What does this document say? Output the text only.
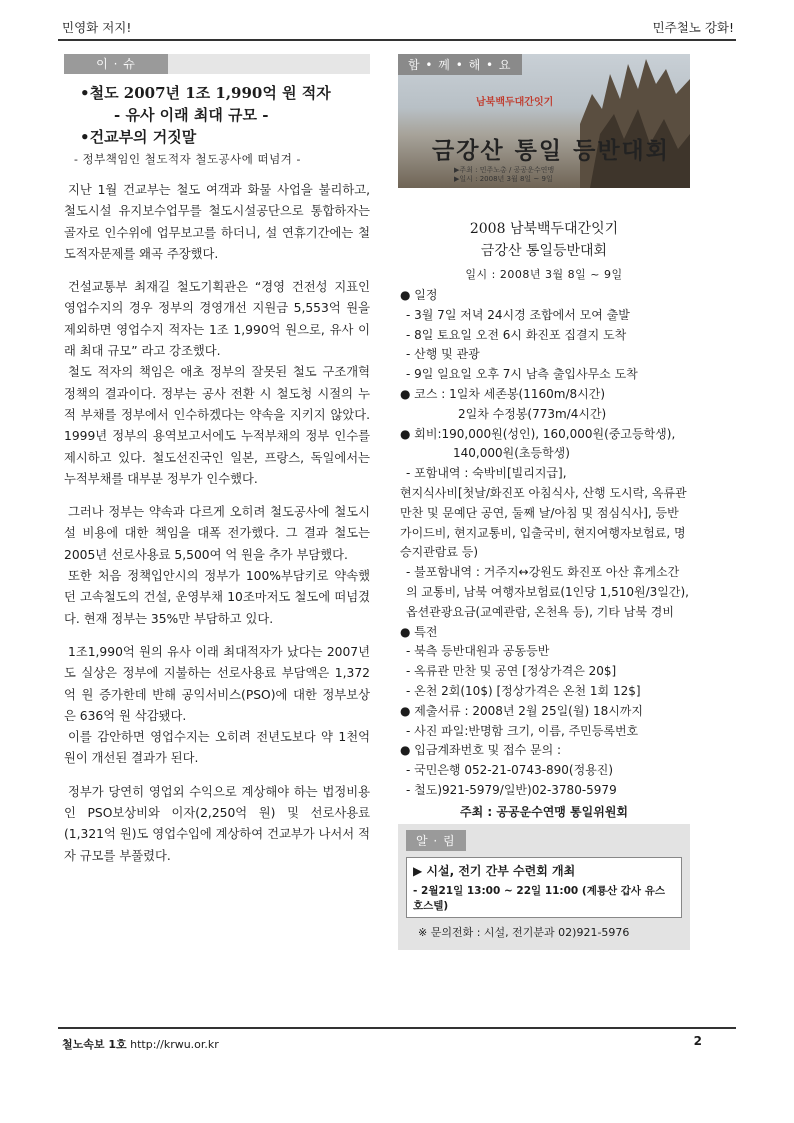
민영화 저지!	민주철노 강화!
이 · 슈
•철도 2007년 1조 1,990억 원 적자
- 유사 이래 최대 규모 -
•건교부의 거짓말
- 정부책임인 철도적자 철도공사에 떠넘겨 -
지난 1월 건교부는 철도 여객과 화물 사업을 불리하고, 철도시설 유지보수업무를 철도시설공단으로 통합하자는 골자로 인수위에 업무보고를 하더니, 설 연휴기간에는 철도적자문제를 왜곡 주장했다.
건설교통부 최재길 철도기획관은 “경영 건전성 지표인 영업수지의 경우 정부의 경영개선 지원금 5,553억 원을 제외하면 영업수지 적자는 1조 1,990억 원으로, 유사 이래 최대 규모” 라고 강조했다.
철도 적자의 책임은 애초 정부의 잘못된 철도 구조개혁 정책의 결과이다. 정부는 공사 전환 시 철도청 시절의 누적 부채를 정부에서 인수하겠다는 약속을 지키지 않았다. 1999년 정부의 용역보고서에도 누적부채의 정부 인수를 제시하고 있다. 철도선진국인 일본, 프랑스, 독일에서는 누적부채를 대부분 정부가 인수했다.
그러나 정부는 약속과 다르게 오히려 철도공사에 철도시설 비용에 대한 책임을 대폭 전가했다. 그 결과 철도는 2005년 선로사용료 5,500여 억 원을 추가 부담했다.
또한 처음 정책입안시의 정부가 100%부담키로 약속했던 고속철도의 건설, 운영부채 10조마저도 철도에 떠넘겼다. 현재 정부는 35%만 부담하고 있다.
1조1,990억 원의 유사 이래 최대적자가 났다는 2007년도 실상은 정부에 지불하는 선로사용료 부담액은 1,372억 원 증가한데 반해 공익서비스(PSO)에 대한 정부보상은 636억 원 삭감됐다.
이를 감안하면 영업수지는 오히려 전년도보다 약 1천억 원이 개선된 결과가 된다.
정부가 당연히 영업외 수익으로 계상해야 하는 법정비용인 PSO보상비와 이자(2,250억 원) 및 선로사용료(1,321억 원)도 영업수입에 계상하여 건교부가 나서서 적자 규모를 부풀렸다.
함 • 께 • 해 • 요
남북백두대간잇기
금강산 통일 등반대회
▶주최 : 민주노총 / 공공운수연맹
▶일시 : 2008년 3월 8일 ~ 9일
2008 남북백두대간잇기
금강산 통일등반대회
일시 : 2008년 3월 8일 ~ 9일
● 일정
- 3월 7일 저녁 24시경 조합에서 모여 출발
- 8일 토요일 오전 6시 화진포 집결지 도착
- 산행 및 관광
- 9일 일요일 오후 7시 남측 출입사무소 도착
● 코스 : 1일차 세존봉(1160m/8시간)
2일차 수정봉(773m/4시간)
● 회비:190,000원(성인), 160,000원(중고등학생),
140,000원(초등학생)
- 포함내역 : 숙박비[빌리지급],
현지식사비[첫날/화진포 아침식사, 산행 도시락, 옥류관 만찬 및 문예단 공연, 둘째 날/아침 및 점심식사], 등반가이드비, 현지교통비, 입출국비, 현지여행자보험료, 명승지관람료 등)
- 불포함내역 : 거주지↔강원도 화진포 아산 휴게소간의 교통비, 남북 여행자보험료(1인당 1,510원/3일간), 옵션관광요금(교예관람, 온천욕 등), 기타 남북 경비
● 특전
- 북측 등반대원과 공동등반
- 옥류관 만찬 및 공연 [정상가격은 20$]
- 온천 2회(10$) [정상가격은 온천 1회 12$]
● 제출서류 : 2008년 2월 25일(월) 18시까지
- 사진 파일:반명함 크기, 이름, 주민등록번호
● 입금계좌번호 및 접수 문의 :
- 국민은행 052-21-0743-890(정용진)
- 철도)921-5979/일반)02-3780-5979
주최 : 공공운수연맹 통일위원회
알 · 림
▶ 시설, 전기 간부 수련회 개최
- 2월21일 13:00 ~ 22일 11:00 (계룡산 갑사 유스호스텔)
※ 문의전화 : 시설, 전기분과 02)921-5976
철노속보 1호 http://krwu.or.kr	2
